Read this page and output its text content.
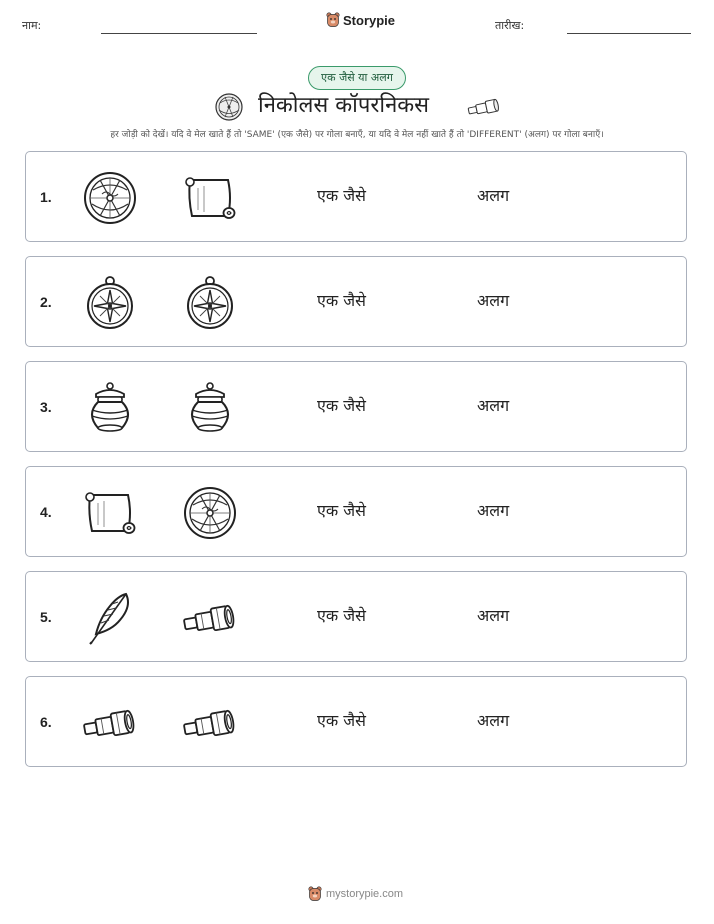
नाम:	Storypie	तारीख:
एक जैसे या अलग
निकोलस कॉपरनिकस
हर जोड़ी को देखें। यदि वे मेल खाते हैं तो 'SAME' (एक जैसे) पर गोला बनाएँ, या यदि वे मेल नहीं खाते हैं तो 'DIFFERENT' (अलग) पर गोला बनाएँ।
1.	एक जैसे	अलग
2.	एक जैसे	अलग
3.	एक जैसे	अलग
4.	एक जैसे	अलग
5.	एक जैसे	अलग
6.	एक जैसे	अलग
mystorypie.com
